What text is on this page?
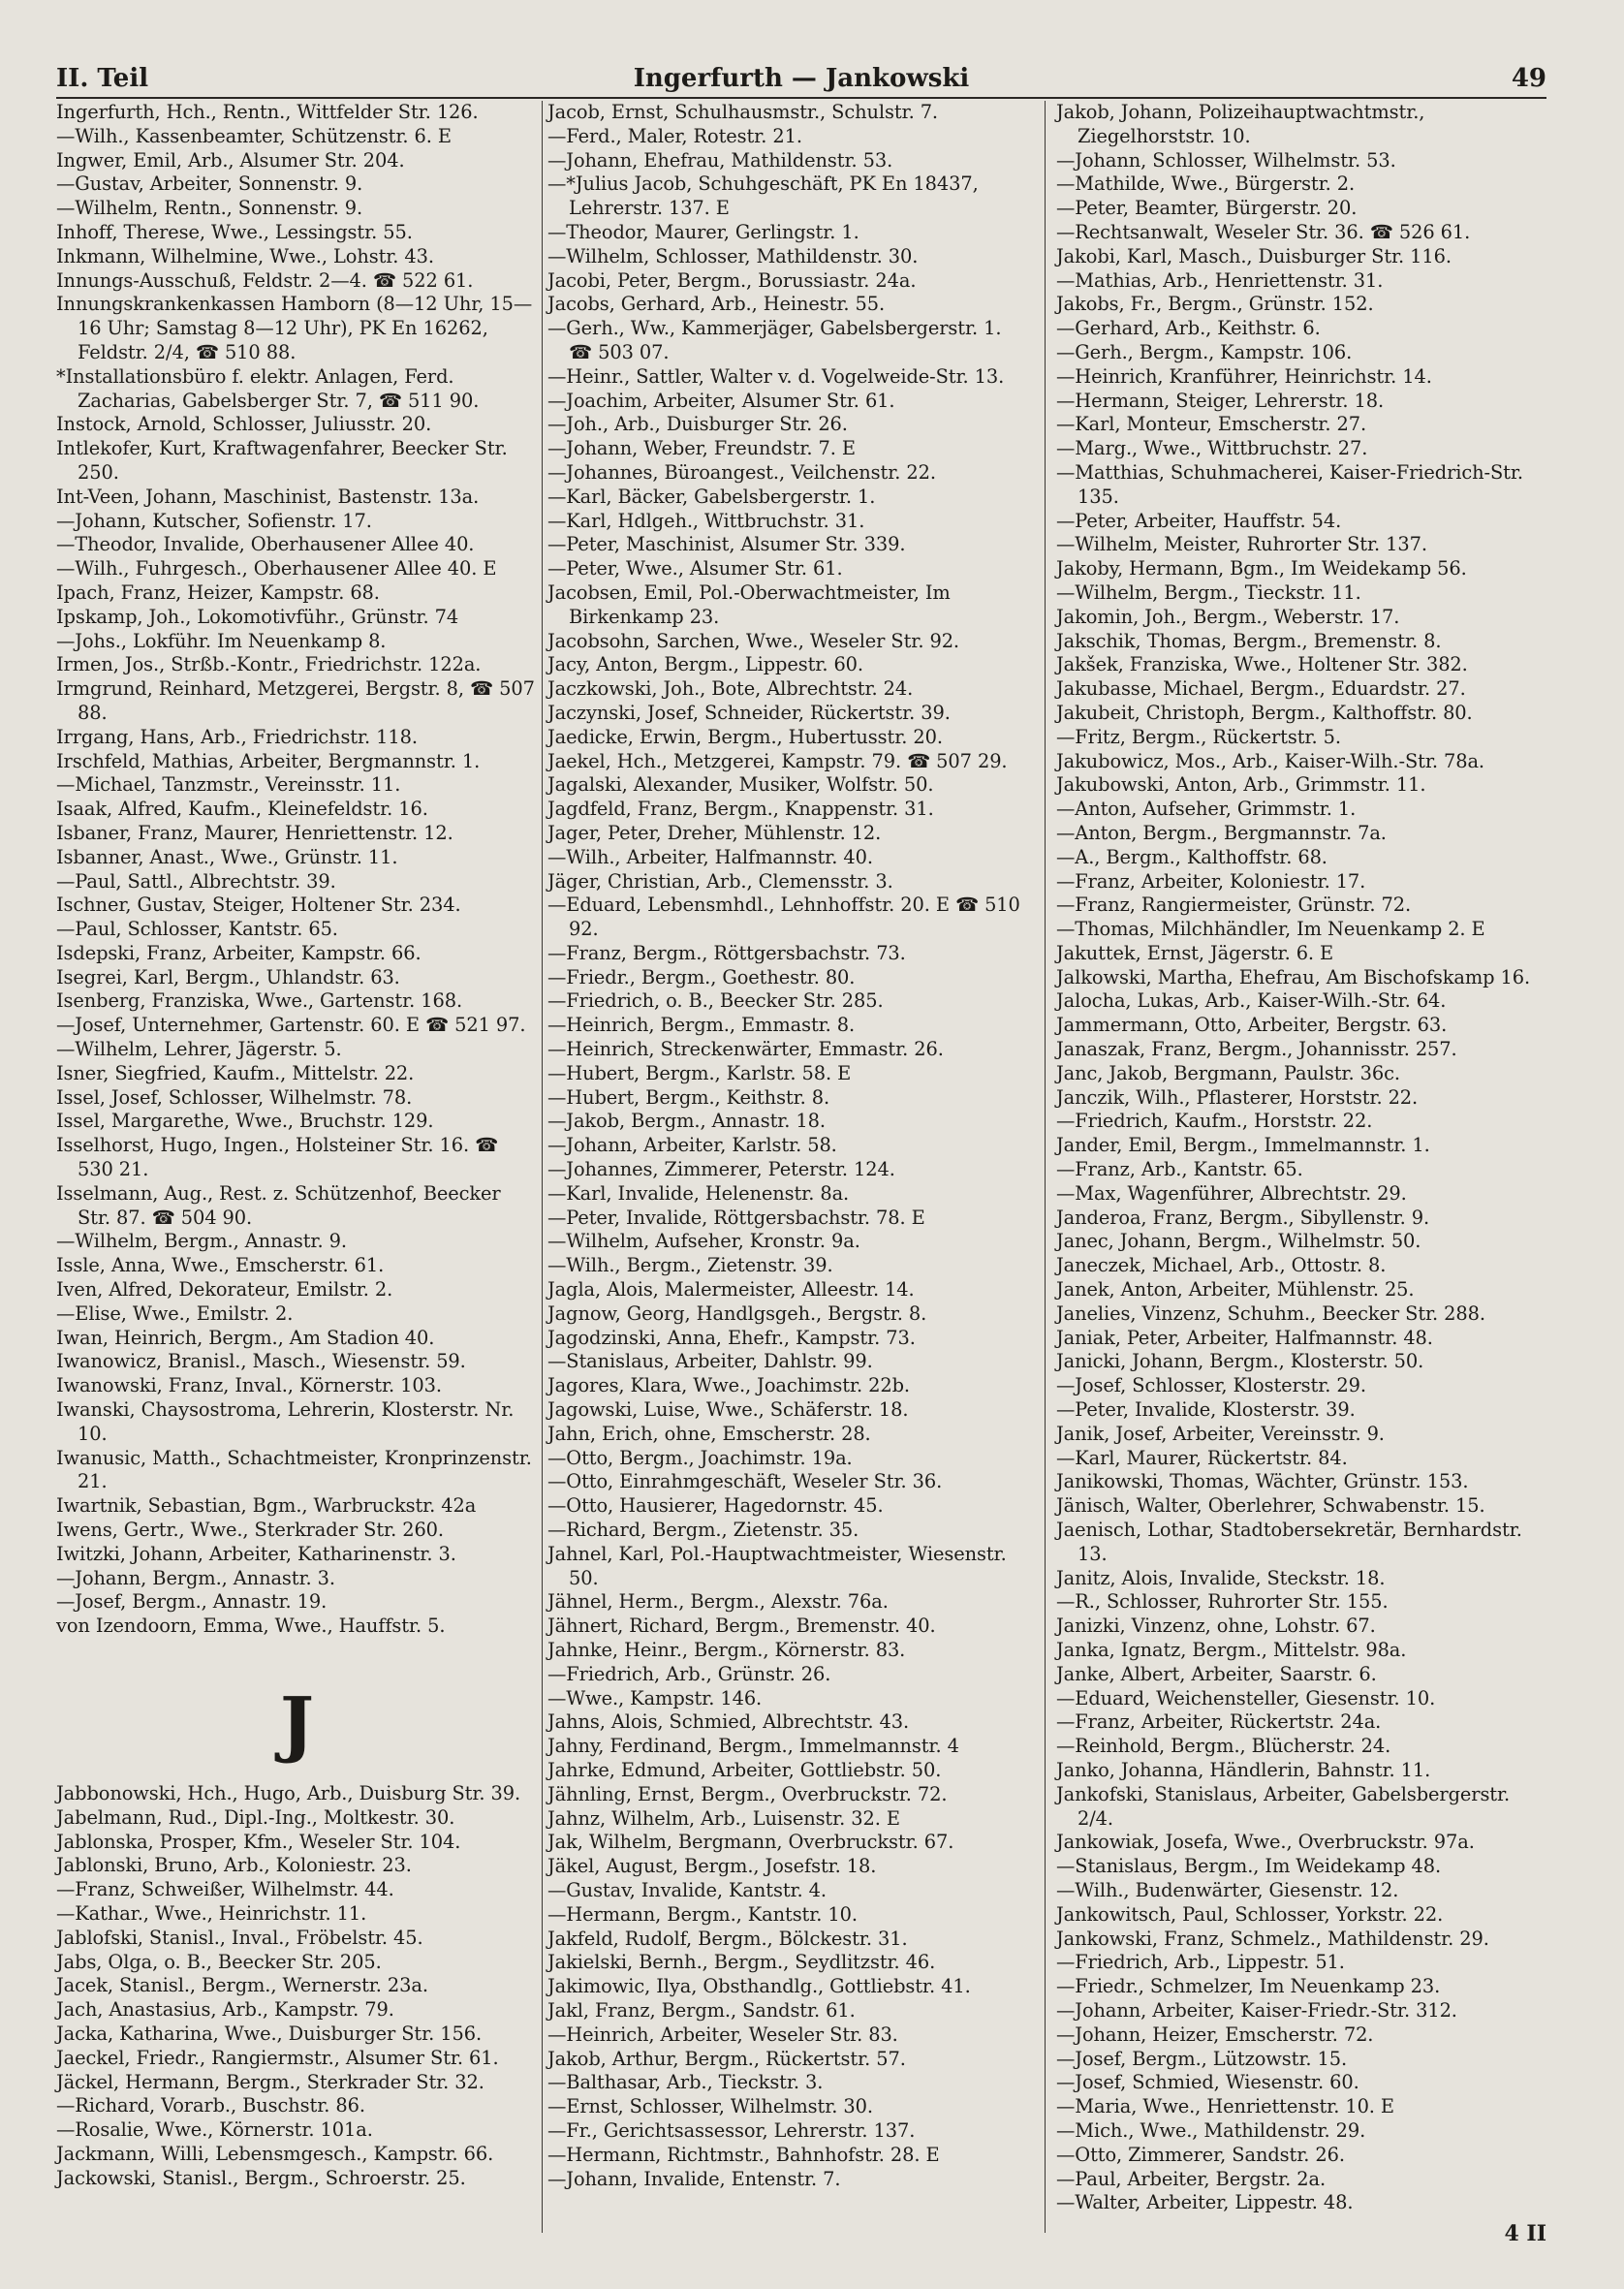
II. Teil	Ingerfurth — Jankowski	49
Ingerfurth, Hch., Rentn., Wittfelder Str. 126.
—Wilh., Kassenbeamter, Schützenstr. 6. E
Ingwer, Emil, Arb., Alsumer Str. 204.
—Gustav, Arbeiter, Sonnenstr. 9.
—Wilhelm, Rentn., Sonnenstr. 9.
Inhoff, Therese, Wwe., Lessingstr. 55.
Inkmann, Wilhelmine, Wwe., Lohstr. 43.
Innungs-Ausschuß, Feldstr. 2—4. ☎ 522 61.
Innungskrankenkassen Hamborn (8—12 Uhr, 15—16 Uhr; Samstag 8—12 Uhr), PK En 16262, Feldstr. 2/4, ☎ 510 88.
*Installationsbüro f. elektr. Anlagen, Ferd. Zacharias, Gabelsberger Str. 7, ☎ 511 90.
Instock, Arnold, Schlosser, Juliusstr. 20.
Intlekofer, Kurt, Kraftwagenfahrer, Beecker Str. 250.
Int-Veen, Johann, Maschinist, Bastenstr. 13a.
—Johann, Kutscher, Sofienstr. 17.
—Theodor, Invalide, Oberhausener Allee 40.
—Wilh., Fuhrgesch., Oberhausener Allee 40. E
Ipach, Franz, Heizer, Kampstr. 68.
Ipskamp, Joh., Lokomotivführ., Grünstr. 74
—Johs., Lokführ. Im Neuenkamp 8.
Irmen, Jos., Strßb.-Kontr., Friedrichstr. 122a.
Irmgrund, Reinhard, Metzgerei, Bergstr. 8, ☎ 507 88.
Irrgang, Hans, Arb., Friedrichstr. 118.
Irschfeld, Mathias, Arbeiter, Bergmannstr. 1.
—Michael, Tanzmstr., Vereinsstr. 11.
Isaak, Alfred, Kaufm., Kleinefeldstr. 16.
Isbaner, Franz, Maurer, Henriettenstr. 12.
Isbanner, Anast., Wwe., Grünstr. 11.
—Paul, Sattl., Albrechtstr. 39.
Ischner, Gustav, Steiger, Holtener Str. 234.
—Paul, Schlosser, Kantstr. 65.
Isdepski, Franz, Arbeiter, Kampstr. 66.
Isegrei, Karl, Bergm., Uhlandstr. 63.
Isenberg, Franziska, Wwe., Gartenstr. 168.
—Josef, Unternehmer, Gartenstr. 60. E ☎ 521 97.
—Wilhelm, Lehrer, Jägerstr. 5.
Isner, Siegfried, Kaufm., Mittelstr. 22.
Issel, Josef, Schlosser, Wilhelmstr. 78.
Issel, Margarethe, Wwe., Bruchstr. 129.
Isselhorst, Hugo, Ingen., Holsteiner Str. 16. ☎ 530 21.
Isselmann, Aug., Rest. z. Schützenhof, Beecker Str. 87. ☎ 504 90.
—Wilhelm, Bergm., Annastr. 9.
Issle, Anna, Wwe., Emscherstr. 61.
Iven, Alfred, Dekorateur, Emilstr. 2.
—Elise, Wwe., Emilstr. 2.
Iwan, Heinrich, Bergm., Am Stadion 40.
Iwanowicz, Branisl., Masch., Wiesenstr. 59.
Iwanowski, Franz, Inval., Körnerstr. 103.
Iwanski, Chaysostroma, Lehrerin, Klosterstr. Nr. 10.
Iwanusic, Matth., Schachtmeister, Kronprinzenstr. 21.
Iwartnik, Sebastian, Bgm., Warbruckstr. 42a
Iwens, Gertr., Wwe., Sterkrader Str. 260.
Iwitzki, Johann, Arbeiter, Katharinenstr. 3.
—Johann, Bergm., Annastr. 3.
—Josef, Bergm., Annastr. 19.
von Izendoorn, Emma, Wwe., Hauffstr. 5.
J
Jabbonowski, Hch., Hugo, Arb., Duisburg Str. 39.
Jabelmann, Rud., Dipl.-Ing., Moltkestr. 30.
Jablonska, Prosper, Kfm., Weseler Str. 104.
Jablonski, Bruno, Arb., Koloniestr. 23.
—Franz, Schweißer, Wilhelmstr. 44.
—Kathar., Wwe., Heinrichstr. 11.
Jablofski, Stanisl., Inval., Fröbelstr. 45.
Jabs, Olga, o. B., Beecker Str. 205.
Jacek, Stanisl., Bergm., Wernerstr. 23a.
Jach, Anastasius, Arb., Kampstr. 79.
Jacka, Katharina, Wwe., Duisburger Str. 156.
Jaeckel, Friedr., Rangiermstr., Alsumer Str. 61.
Jäckel, Hermann, Bergm., Sterkrader Str. 32.
—Richard, Vorarb., Buschstr. 86.
—Rosalie, Wwe., Körnerstr. 101a.
Jackmann, Willi, Lebensmgesch., Kampstr. 66.
Jackowski, Stanisl., Bergm., Schroerstr. 25.
Jacob, Ernst, Schulhausmstr., Schulstr. 7.
—Ferd., Maler, Rotestr. 21.
—Johann, Ehefrau, Mathildenstr. 53.
—*Julius Jacob, Schuhgeschäft, PK En 18437, Lehrerstr. 137. E
—Theodor, Maurer, Gerlingstr. 1.
—Wilhelm, Schlosser, Mathildenstr. 30.
Jacobi, Peter, Bergm., Borussiastr. 24a.
Jacobs, Gerhard, Arb., Heinestr. 55.
—Gerh., Ww., Kammerjäger, Gabelsbergerstr. 1. ☎ 503 07.
—Heinr., Sattler, Walter v. d. Vogelweide-Str. 13.
—Joachim, Arbeiter, Alsumer Str. 61.
—Joh., Arb., Duisburger Str. 26.
—Johann, Weber, Freundstr. 7. E
—Johannes, Büroangest., Veilchenstr. 22.
—Karl, Bäcker, Gabelsbergerstr. 1.
—Karl, Hdlgeh., Wittbruchstr. 31.
—Peter, Maschinist, Alsumer Str. 339.
—Peter, Wwe., Alsumer Str. 61.
Jacobsen, Emil, Pol.-Oberwachtmeister, Im Birkenkamp 23.
Jacobsohn, Sarchen, Wwe., Weseler Str. 92.
Jacy, Anton, Bergm., Lippestr. 60.
Jaczkowski, Joh., Bote, Albrechtstr. 24.
Jaczynski, Josef, Schneider, Rückertstr. 39.
Jaedicke, Erwin, Bergm., Hubertusstr. 20.
Jaekel, Hch., Metzgerei, Kampstr. 79. ☎ 507 29.
Jagalski, Alexander, Musiker, Wolfstr. 50.
Jagdfeld, Franz, Bergm., Knappenstr. 31.
Jager, Peter, Dreher, Mühlenstr. 12.
—Wilh., Arbeiter, Halfmannstr. 40.
Jäger, Christian, Arb., Clemensstr. 3.
—Eduard, Lebensmhdl., Lehnhoffstr. 20. E ☎ 510 92.
—Franz, Bergm., Röttgersbachstr. 73.
—Friedr., Bergm., Goethestr. 80.
—Friedrich, o. B., Beecker Str. 285.
—Heinrich, Bergm., Emmastr. 8.
—Heinrich, Streckenwärter, Emmastr. 26.
—Hubert, Bergm., Karlstr. 58. E
—Hubert, Bergm., Keithstr. 8.
—Jakob, Bergm., Annastr. 18.
—Johann, Arbeiter, Karlstr. 58.
—Johannes, Zimmerer, Peterstr. 124.
—Karl, Invalide, Helenenstr. 8a.
—Peter, Invalide, Röttgersbachstr. 78. E
—Wilhelm, Aufseher, Kronstr. 9a.
—Wilh., Bergm., Zietenstr. 39.
Jagla, Alois, Malermeister, Alleestr. 14.
Jagnow, Georg, Handlgsgeh., Bergstr. 8.
Jagodzinski, Anna, Ehefr., Kampstr. 73.
—Stanislaus, Arbeiter, Dahlstr. 99.
Jagores, Klara, Wwe., Joachimstr. 22b.
Jagowski, Luise, Wwe., Schäferstr. 18.
Jahn, Erich, ohne, Emscherstr. 28.
—Otto, Bergm., Joachimstr. 19a.
—Otto, Einrahmgeschäft, Weseler Str. 36.
—Otto, Hausierer, Hagedornstr. 45.
—Richard, Bergm., Zietenstr. 35.
Jahnel, Karl, Pol.-Hauptwachtmeister, Wiesenstr. 50.
Jähnel, Herm., Bergm., Alexstr. 76a.
Jähnert, Richard, Bergm., Bremenstr. 40.
Jahnke, Heinr., Bergm., Körnerstr. 83.
—Friedrich, Arb., Grünstr. 26.
—Wwe., Kampstr. 146.
Jahns, Alois, Schmied, Albrechtstr. 43.
Jahny, Ferdinand, Bergm., Immelmannstr. 4
Jahrke, Edmund, Arbeiter, Gottliebstr. 50.
Jähnling, Ernst, Bergm., Overbruckstr. 72.
Jahnz, Wilhelm, Arb., Luisenstr. 32. E
Jak, Wilhelm, Bergmann, Overbruckstr. 67.
Jäkel, August, Bergm., Josefstr. 18.
—Gustav, Invalide, Kantstr. 4.
—Hermann, Bergm., Kantstr. 10.
Jakfeld, Rudolf, Bergm., Bölckestr. 31.
Jakielski, Bernh., Bergm., Seydlitzstr. 46.
Jakimowic, Ilya, Obsthandlg., Gottliebstr. 41.
Jakl, Franz, Bergm., Sandstr. 61.
—Heinrich, Arbeiter, Weseler Str. 83.
Jakob, Arthur, Bergm., Rückertstr. 57.
—Balthasar, Arb., Tieckstr. 3.
—Ernst, Schlosser, Wilhelmstr. 30.
—Fr., Gerichtsassessor, Lehrerstr. 137.
—Hermann, Richtmstr., Bahnhofstr. 28. E
—Johann, Invalide, Entenstr. 7.
Jakob, Johann, Polizeihauptwachtmstr., Ziegelhorststr. 10.
—Johann, Schlosser, Wilhelmstr. 53.
—Mathilde, Wwe., Bürgerstr. 2.
—Peter, Beamter, Bürgerstr. 20.
—Rechtsanwalt, Weseler Str. 36. ☎ 526 61.
Jakobi, Karl, Masch., Duisburger Str. 116.
—Mathias, Arb., Henriettenstr. 31.
Jakobs, Fr., Bergm., Grünstr. 152.
—Gerhard, Arb., Keithstr. 6.
—Gerh., Bergm., Kampstr. 106.
—Heinrich, Kranführer, Heinrichstr. 14.
—Hermann, Steiger, Lehrerstr. 18.
—Karl, Monteur, Emscherstr. 27.
—Marg., Wwe., Wittbruchstr. 27.
—Matthias, Schuhmacherei, Kaiser-Friedrich-Str. 135.
—Peter, Arbeiter, Hauffstr. 54.
—Wilhelm, Meister, Ruhrorter Str. 137.
Jakoby, Hermann, Bgm., Im Weidekamp 56.
—Wilhelm, Bergm., Tieckstr. 11.
Jakomin, Joh., Bergm., Weberstr. 17.
Jakschik, Thomas, Bergm., Bremenstr. 8.
Jakšek, Franziska, Wwe., Holtener Str. 382.
Jakubasse, Michael, Bergm., Eduardstr. 27.
Jakubeit, Christoph, Bergm., Kalthoffstr. 80.
—Fritz, Bergm., Rückertstr. 5.
Jakubowicz, Mos., Arb., Kaiser-Wilh.-Str. 78a.
Jakubowski, Anton, Arb., Grimmstr. 11.
—Anton, Aufseher, Grimmstr. 1.
—Anton, Bergm., Bergmannstr. 7a.
—A., Bergm., Kalthoffstr. 68.
—Franz, Arbeiter, Koloniestr. 17.
—Franz, Rangiermeister, Grünstr. 72.
—Thomas, Milchhändler, Im Neuenkamp 2. E
Jakuttek, Ernst, Jägerstr. 6. E
Jalkowski, Martha, Ehefrau, Am Bischofskamp 16.
Jalocha, Lukas, Arb., Kaiser-Wilh.-Str. 64.
Jammermann, Otto, Arbeiter, Bergstr. 63.
Janaszak, Franz, Bergm., Johannisstr. 257.
Janc, Jakob, Bergmann, Paulstr. 36c.
Janczik, Wilh., Pflasterer, Horststr. 22.
—Friedrich, Kaufm., Horststr. 22.
Jander, Emil, Bergm., Immelmannstr. 1.
—Franz, Arb., Kantstr. 65.
—Max, Wagenführer, Albrechtstr. 29.
Janderoa, Franz, Bergm., Sibyllenstr. 9.
Janec, Johann, Bergm., Wilhelmstr. 50.
Janeczek, Michael, Arb., Ottostr. 8.
Janek, Anton, Arbeiter, Mühlenstr. 25.
Janelies, Vinzenz, Schuhm., Beecker Str. 288.
Janiak, Peter, Arbeiter, Halfmannstr. 48.
Janicki, Johann, Bergm., Klosterstr. 50.
—Josef, Schlosser, Klosterstr. 29.
—Peter, Invalide, Klosterstr. 39.
Janik, Josef, Arbeiter, Vereinsstr. 9.
—Karl, Maurer, Rückertstr. 84.
Janikowski, Thomas, Wächter, Grünstr. 153.
Jänisch, Walter, Oberlehrer, Schwabenstr. 15.
Jaenisch, Lothar, Stadtobersekretär, Bernhardstr. 13.
Janitz, Alois, Invalide, Steckstr. 18.
—R., Schlosser, Ruhrorter Str. 155.
Janizki, Vinzenz, ohne, Lohstr. 67.
Janka, Ignatz, Bergm., Mittelstr. 98a.
Janke, Albert, Arbeiter, Saarstr. 6.
—Eduard, Weichensteller, Giesenstr. 10.
—Franz, Arbeiter, Rückertstr. 24a.
—Reinhold, Bergm., Blücherstr. 24.
Janko, Johanna, Händlerin, Bahnstr. 11.
Jankofski, Stanislaus, Arbeiter, Gabelsbergerstr. 2/4.
Jankowiak, Josefa, Wwe., Overbruckstr. 97a.
—Stanislaus, Bergm., Im Weidekamp 48.
—Wilh., Budenwärter, Giesenstr. 12.
Jankowitsch, Paul, Schlosser, Yorkstr. 22.
Jankowski, Franz, Schmelz., Mathildenstr. 29.
—Friedrich, Arb., Lippestr. 51.
—Friedr., Schmelzer, Im Neuenkamp 23.
—Johann, Arbeiter, Kaiser-Friedr.-Str. 312.
—Johann, Heizer, Emscherstr. 72.
—Josef, Bergm., Lützowstr. 15.
—Josef, Schmied, Wiesenstr. 60.
—Maria, Wwe., Henriettenstr. 10. E
—Mich., Wwe., Mathildenstr. 29.
—Otto, Zimmerer, Sandstr. 26.
—Paul, Arbeiter, Bergstr. 2a.
—Walter, Arbeiter, Lippestr. 48.
4 II
